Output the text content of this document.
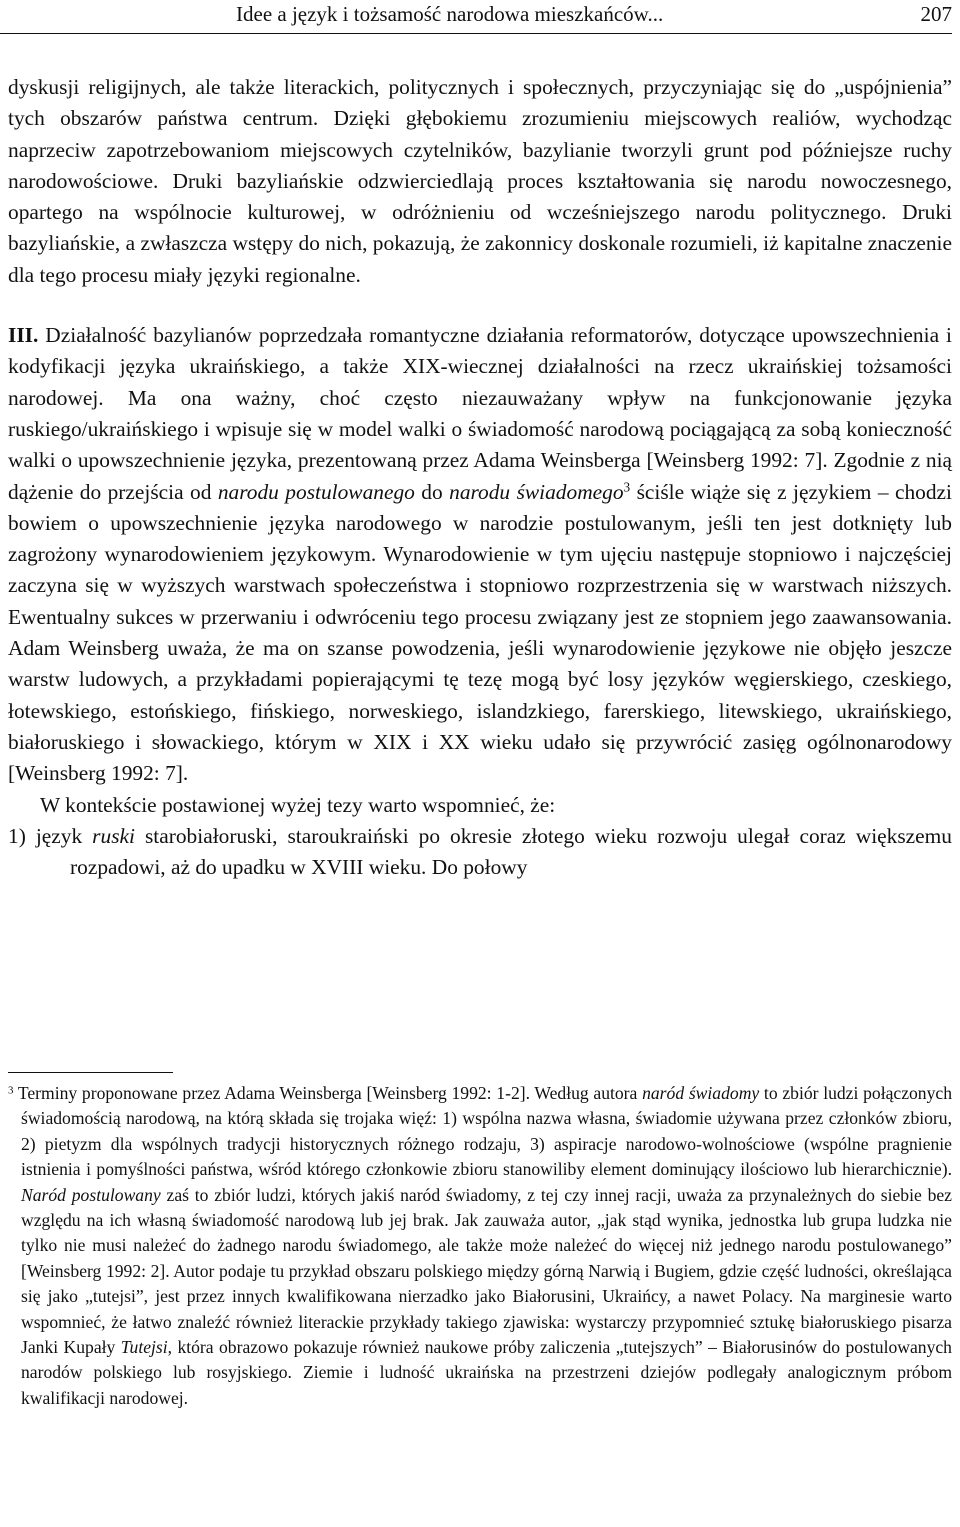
Idee a język i tożsamość narodowa mieszkańców...	207

dyskusji religijnych, ale także literackich, politycznych i społecznych, przyczyniając się do „uspójnienia” tych obszarów państwa centrum. Dzięki głębokiemu zrozumieniu miejscowych realiów, wychodząc naprzeciw zapotrzebowaniom miejscowych czytelników, bazylianie tworzyli grunt pod późniejsze ruchy narodowościowe. Druki bazyliańskie odzwierciedlają proces kształtowania się narodu nowoczesnego, opartego na wspólnocie kulturowej, w odróżnieniu od wcześniejszego narodu politycznego. Druki bazyliańskie, a zwłaszcza wstępy do nich, pokazują, że zakonnicy doskonale rozumieli, iż kapitalne znaczenie dla tego procesu miały języki regionalne.

III. Działalność bazylianów poprzedzała romantyczne działania reformatorów, dotyczące upowszechnienia i kodyfikacji języka ukraińskiego, a także XIX-wiecznej działalności na rzecz ukraińskiej tożsamości narodowej. Ma ona ważny, choć często niezauważany wpływ na funkcjonowanie języka ruskiego/ukraińskiego i wpisuje się w model walki o świadomość narodową pociągającą za sobą konieczność walki o upowszechnienie języka, prezentowaną przez Adama Weinsberga [Weinsberg 1992: 7]. Zgodnie z nią dążenie do przejścia od narodu postulowanego do narodu świadomego$^3$ ściśle wiąże się z językiem – chodzi bowiem o upowszechnienie języka narodowego w narodzie postulowanym, jeśli ten jest dotknięty lub zagrożony wynarodowieniem językowym. Wynarodowienie w tym ujęciu następuje stopniowo i najczęściej zaczyna się w wyższych warstwach społeczeństwa i stopniowo rozprzestrzenia się w warstwach niższych. Ewentualny sukces w przerwaniu i odwróceniu tego procesu związany jest ze stopniem jego zaawansowania. Adam Weinsberg uważa, że ma on szanse powodzenia, jeśli wynarodowienie językowe nie objęło jeszcze warstw ludowych, a przykładami popierającymi tę tezę mogą być losy języków węgierskiego, czeskiego, łotewskiego, estońskiego, fińskiego, norweskiego, islandzkiego, farerskiego, litewskiego, ukraińskiego, białoruskiego i słowackiego, którym w XIX i XX wieku udało się przywrócić zasięg ogólnonarodowy [Weinsberg 1992: 7].

W kontekście postawionej wyżej tezy warto wspomnieć, że:

1) język ruski starobiałoruski, staroukraiński po okresie złotego wieku rozwoju ulegał coraz większemu rozpadowi, aż do upadku w XVIII wieku. Do połowy

$^3$ Terminy proponowane przez Adama Weinsberga [Weinsberg 1992: 1-2]. Według autora naród świadomy to zbiór ludzi połączonych świadomością narodową, na którą składa się trojaka więź: 1) wspólna nazwa własna, świadomie używana przez członków zbioru, 2) pietyzm dla wspólnych tradycji historycznych różnego rodzaju, 3) aspiracje narodowo-wolnościowe (wspólne pragnienie istnienia i pomyślności państwa, wśród którego członkowie zbioru stanowiliby element dominujący ilościowo lub hierarchicznie). Naród postulowany zaś to zbiór ludzi, których jakiś naród świadomy, z tej czy innej racji, uważa za przynależnych do siebie bez względu na ich własną świadomość narodową lub jej brak. Jak zauważa autor, „jak stąd wynika, jednostka lub grupa ludzka nie tylko nie musi należeć do żadnego narodu świadomego, ale także może należeć do więcej niż jednego narodu postulowanego” [Weinsberg 1992: 2]. Autor podaje tu przykład obszaru polskiego między górną Narwią i Bugiem, gdzie część ludności, określająca się jako „tutejsi”, jest przez innych kwalifikowana nierzadko jako Białorusini, Ukraińcy, a nawet Polacy. Na marginesie warto wspomnieć, że łatwo znaleźć również literackie przykłady takiego zjawiska: wystarczy przypomnieć sztukę białoruskiego pisarza Janki Kupały Tutejsi, która obrazowo pokazuje również naukowe próby zaliczenia „tutejszych” – Białorusinów do postulowanych narodów polskiego lub rosyjskiego. Ziemie i ludność ukraińska na przestrzeni dziejów podlegały analogicznym próbom kwalifikacji narodowej.
